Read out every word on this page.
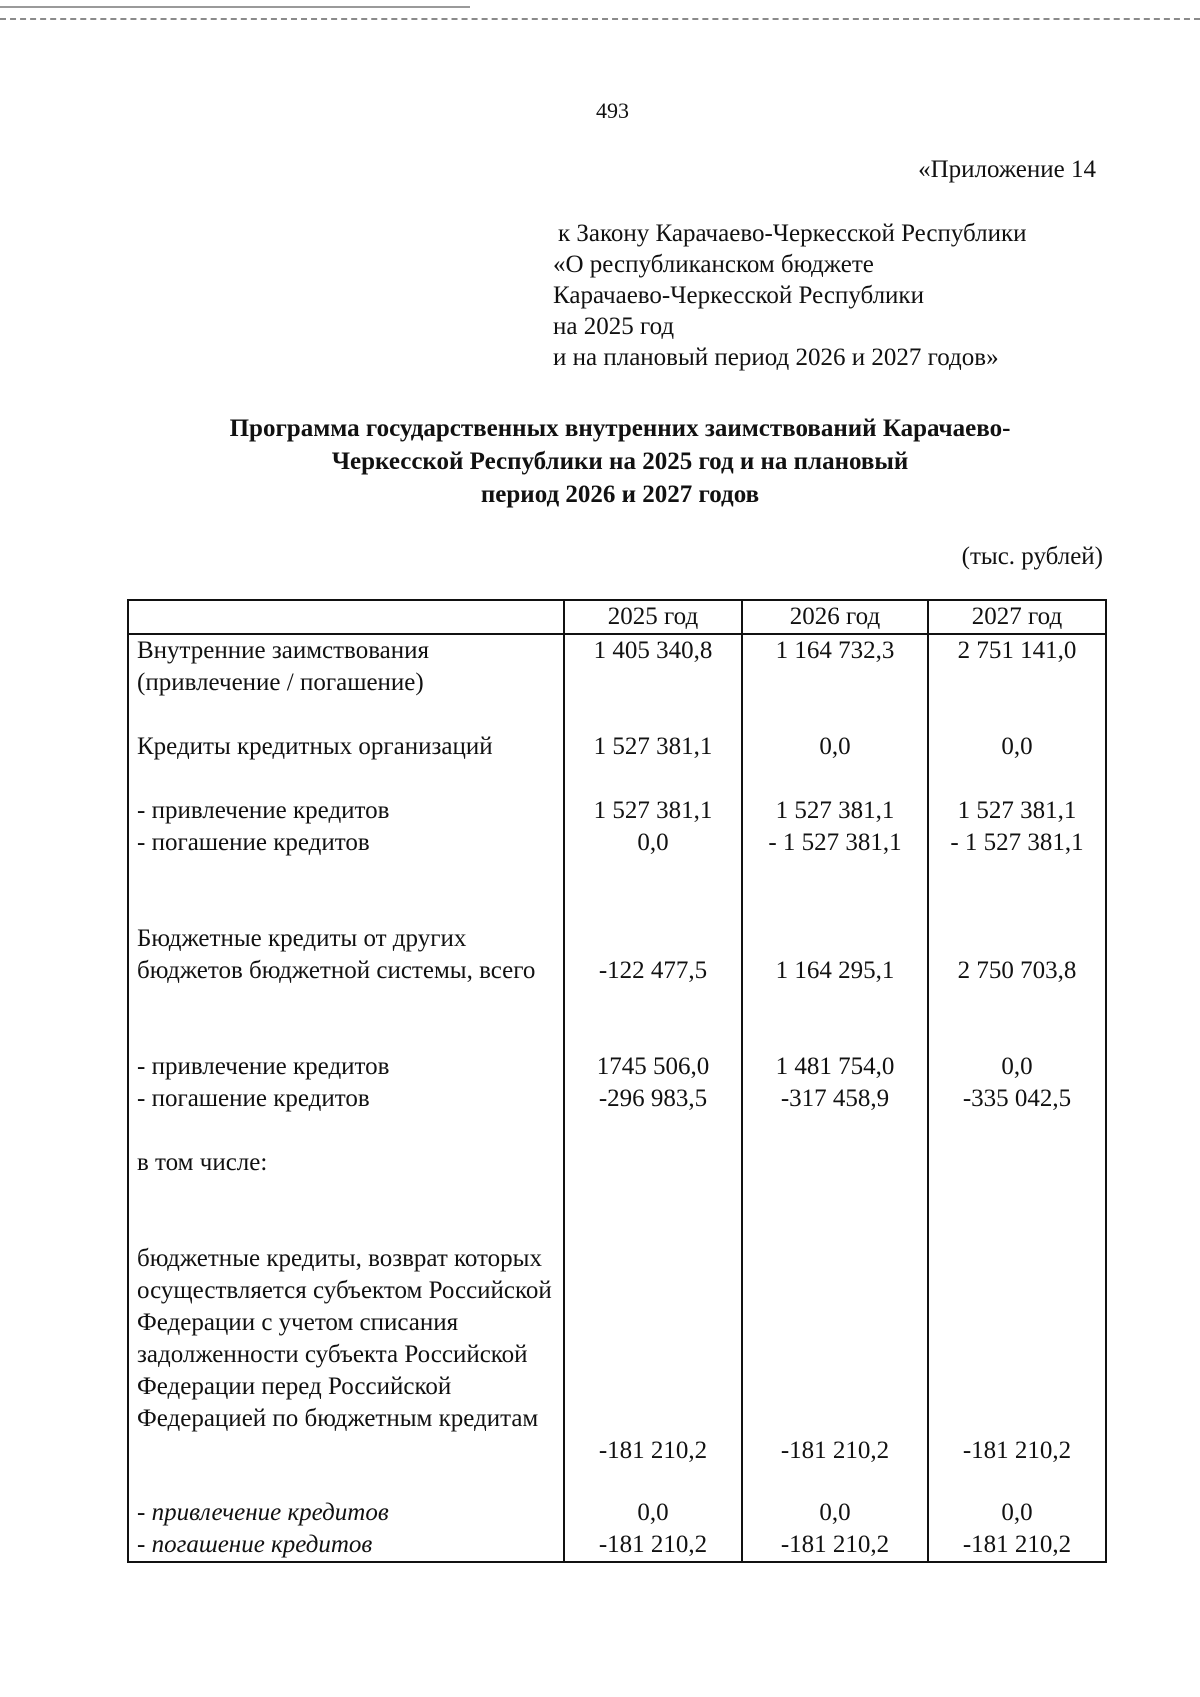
493
«Приложение 14
к Закону Карачаево-Черкесской Республики
«О республиканском бюджете
Карачаево-Черкесской Республики
на 2025 год
и на плановый период 2026 и 2027 годов»
Программа государственных внутренних заимствований Карачаево-
Черкесской Республики на 2025 год и на плановый
период 2026 и 2027 годов
(тыс. рублей)
	2025 год	2026 год	2027 год
Внутренние заимствования (привлечение / погашение)	1 405 340,8	1 164 732,3	2 751 141,0
Кредиты кредитных организаций	1 527 381,1	0,0	0,0
- привлечение кредитов	1 527 381,1	1 527 381,1	1 527 381,1
- погашение кредитов	0,0	- 1 527 381,1	- 1 527 381,1
Бюджетные кредиты от других бюджетов бюджетной системы, всего	-122 477,5	1 164 295,1	2 750 703,8
- привлечение кредитов	1745 506,0	1 481 754,0	0,0
- погашение кредитов	-296 983,5	-317 458,9	-335 042,5
в том числе:			
бюджетные кредиты, возврат которых осуществляется субъектом Российской Федерации с учетом списания задолженности субъекта Российской Федерации перед Российской Федерацией по бюджетным кредитам	-181 210,2	-181 210,2	-181 210,2

- привлечение кредитов	0,0	0,0	0,0
- погашение кредитов	-181 210,2	-181 210,2	-181 210,2
